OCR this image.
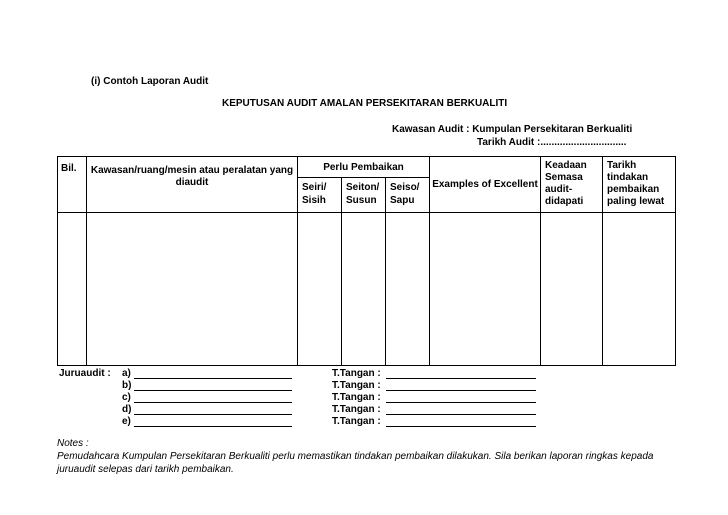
(i) Contoh Laporan Audit
KEPUTUSAN AUDIT AMALAN PERSEKITARAN BERKUALITI
Kawasan Audit : Kumpulan Persekitaran Berkualiti
Tarikh Audit :...............................
Bil.	Kawasan/ruang/mesin atau peralatan yang diaudit	Perlu Pembaikan			Examples of Excellent	Keadaan Semasa audit-didapati	Tarikh tindakan pembaikan paling lewat
		Seiri/ Sisih	Seiton/ Susun	Seiso/ Sapu			

Juruaudit : a)	T.Tangan :
b)	T.Tangan :
c)	T.Tangan :
d)	T.Tangan :
e)	T.Tangan :
Notes :
Pemudahcara Kumpulan Persekitaran Berkualiti perlu memastikan tindakan pembaikan dilakukan. Sila berikan laporan ringkas kepada juruaudit selepas dari tarikh pembaikan.
